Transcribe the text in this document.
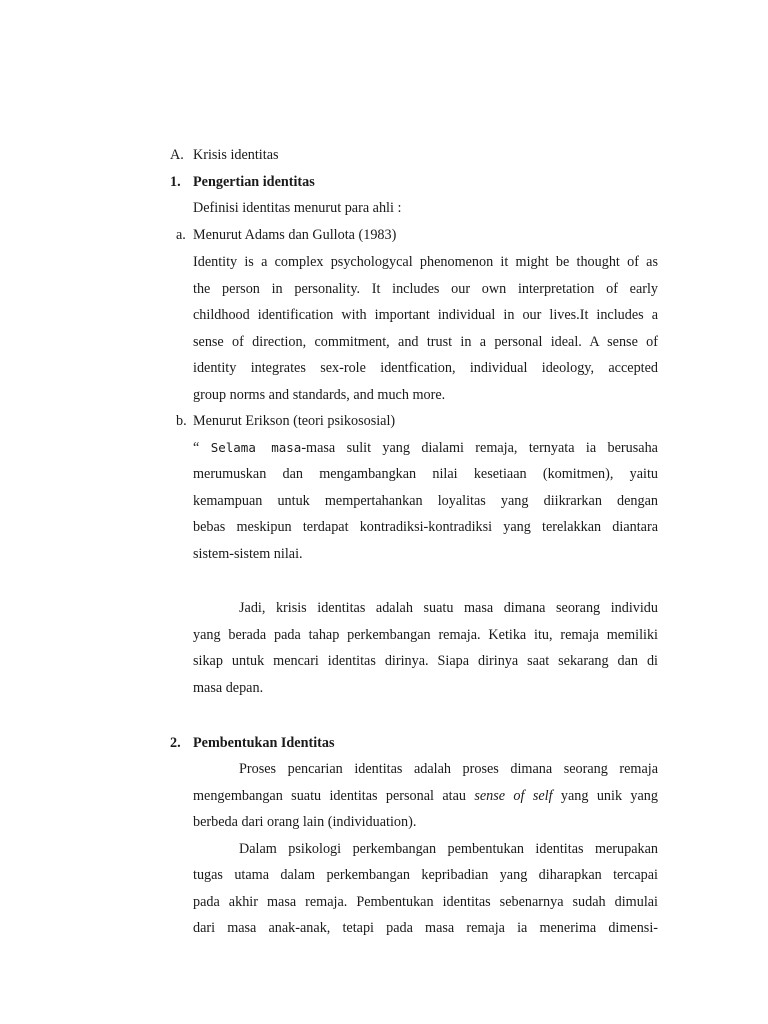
A. Krisis identitas

1. Pengertian identitas

Definisi identitas menurut para ahli :

a. Menurut Adams dan Gullota (1983)

Identity is a complex psychologycal phenomenon it might be thought of as

the person in personality. It includes our own interpretation of early

childhood identification with important individual in our lives.It includes a

sense of direction, commitment, and trust in a personal ideal. A sense of

identity integrates sex-role identfication, individual ideology, accepted

group norms and standards, and much more.

b. Menurut Erikson (teori psikososial)

“ Selama masa-masa sulit yang dialami remaja, ternyata ia berusaha

merumuskan dan mengambangkan nilai kesetiaan (komitmen), yaitu

kemampuan untuk mempertahankan loyalitas yang diikrarkan dengan

bebas meskipun terdapat kontradiksi-kontradiksi yang terelakkan diantara

sistem-sistem nilai.

Jadi, krisis identitas adalah suatu masa dimana seorang individu

yang berada pada tahap perkembangan remaja. Ketika itu, remaja memiliki

sikap untuk mencari identitas dirinya. Siapa dirinya saat sekarang dan di

masa depan.

2. Pembentukan Identitas

Proses pencarian identitas adalah proses dimana seorang remaja

mengembangan suatu identitas personal atau sense of self yang unik yang

berbeda dari orang lain (individuation).

Dalam psikologi perkembangan pembentukan identitas merupakan

tugas utama dalam perkembangan kepribadian yang diharapkan tercapai

pada akhir masa remaja. Pembentukan identitas sebenarnya sudah dimulai

dari masa anak-anak, tetapi pada masa remaja ia menerima dimensi-
